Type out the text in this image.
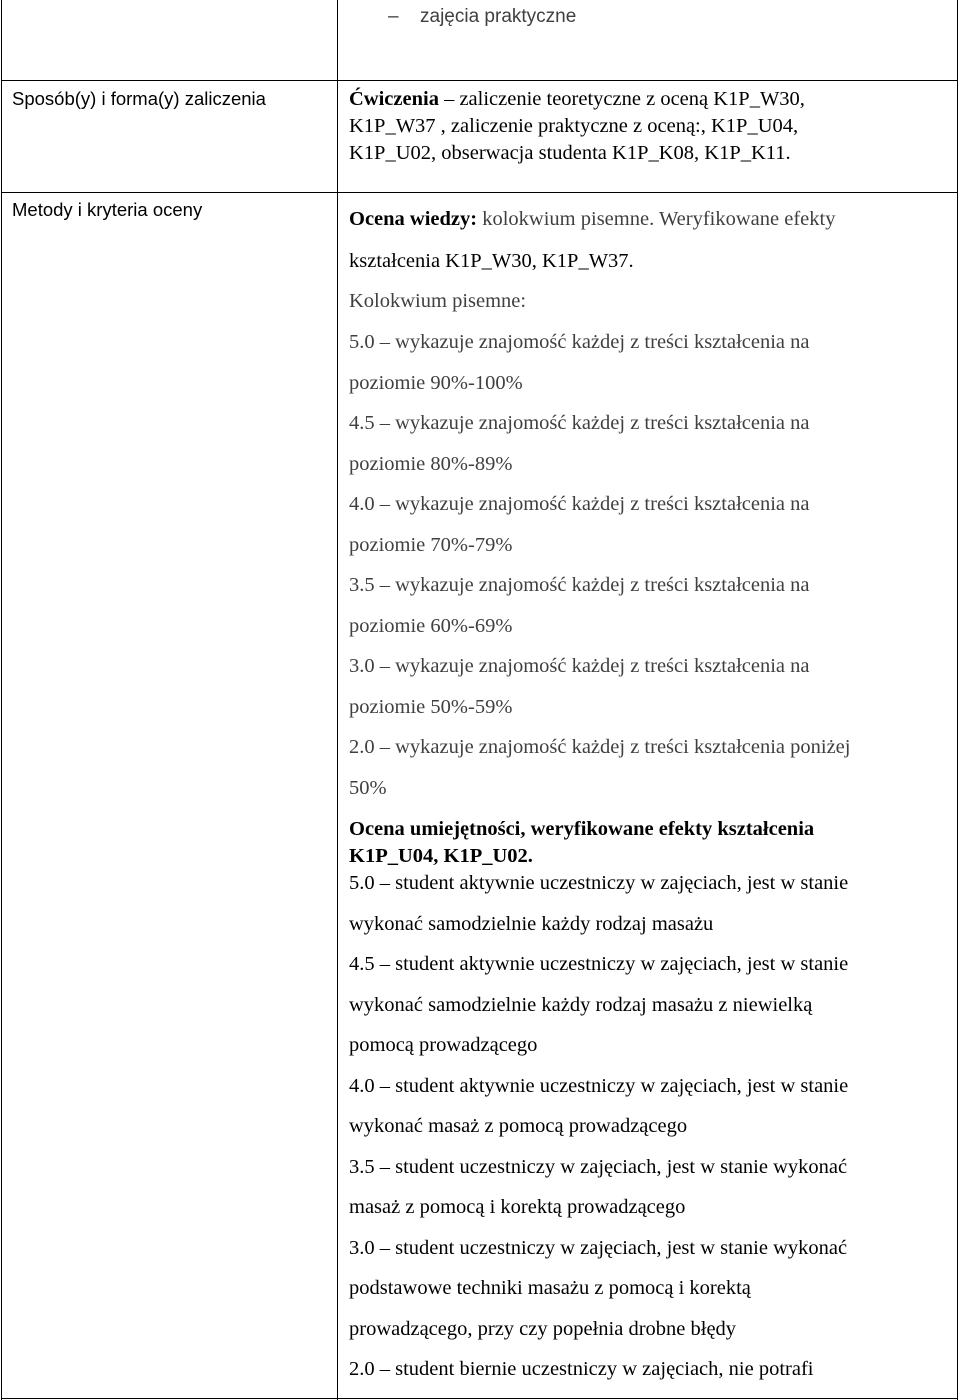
– zajęcia praktyczne
Sposób(y) i forma(y) zaliczenia	Ćwiczenia – zaliczenie teoretyczne z oceną K1P_W30,
K1P_W37 , zaliczenie praktyczne z oceną:, K1P_U04,
K1P_U02, obserwacja studenta K1P_K08, K1P_K11.
Metody i kryteria oceny	Ocena wiedzy: kolokwium pisemne. Weryfikowane efekty
kształcenia K1P_W30, K1P_W37.
Kolokwium pisemne:
5.0 – wykazuje znajomość każdej z treści kształcenia na
poziomie 90%-100%
4.5 – wykazuje znajomość każdej z treści kształcenia na
poziomie 80%-89%
4.0 – wykazuje znajomość każdej z treści kształcenia na
poziomie 70%-79%
3.5 – wykazuje znajomość każdej z treści kształcenia na
poziomie 60%-69%
3.0 – wykazuje znajomość każdej z treści kształcenia na
poziomie 50%-59%
2.0 – wykazuje znajomość każdej z treści kształcenia poniżej
50%
Ocena umiejętności, weryfikowane efekty kształcenia
K1P_U04, K1P_U02.
5.0 – student aktywnie uczestniczy w zajęciach, jest w stanie
wykonać samodzielnie każdy rodzaj masażu
4.5 – student aktywnie uczestniczy w zajęciach, jest w stanie
wykonać samodzielnie każdy rodzaj masażu z niewielką
pomocą prowadzącego
4.0 – student aktywnie uczestniczy w zajęciach, jest w stanie
wykonać masaż z pomocą prowadzącego
3.5 – student uczestniczy w zajęciach, jest w stanie wykonać
masaż z pomocą i korektą prowadzącego
3.0 – student uczestniczy w zajęciach, jest w stanie wykonać
podstawowe techniki masażu z pomocą i korektą
prowadzącego, przy czy popełnia drobne błędy
2.0 – student biernie uczestniczy w zajęciach, nie potrafi
